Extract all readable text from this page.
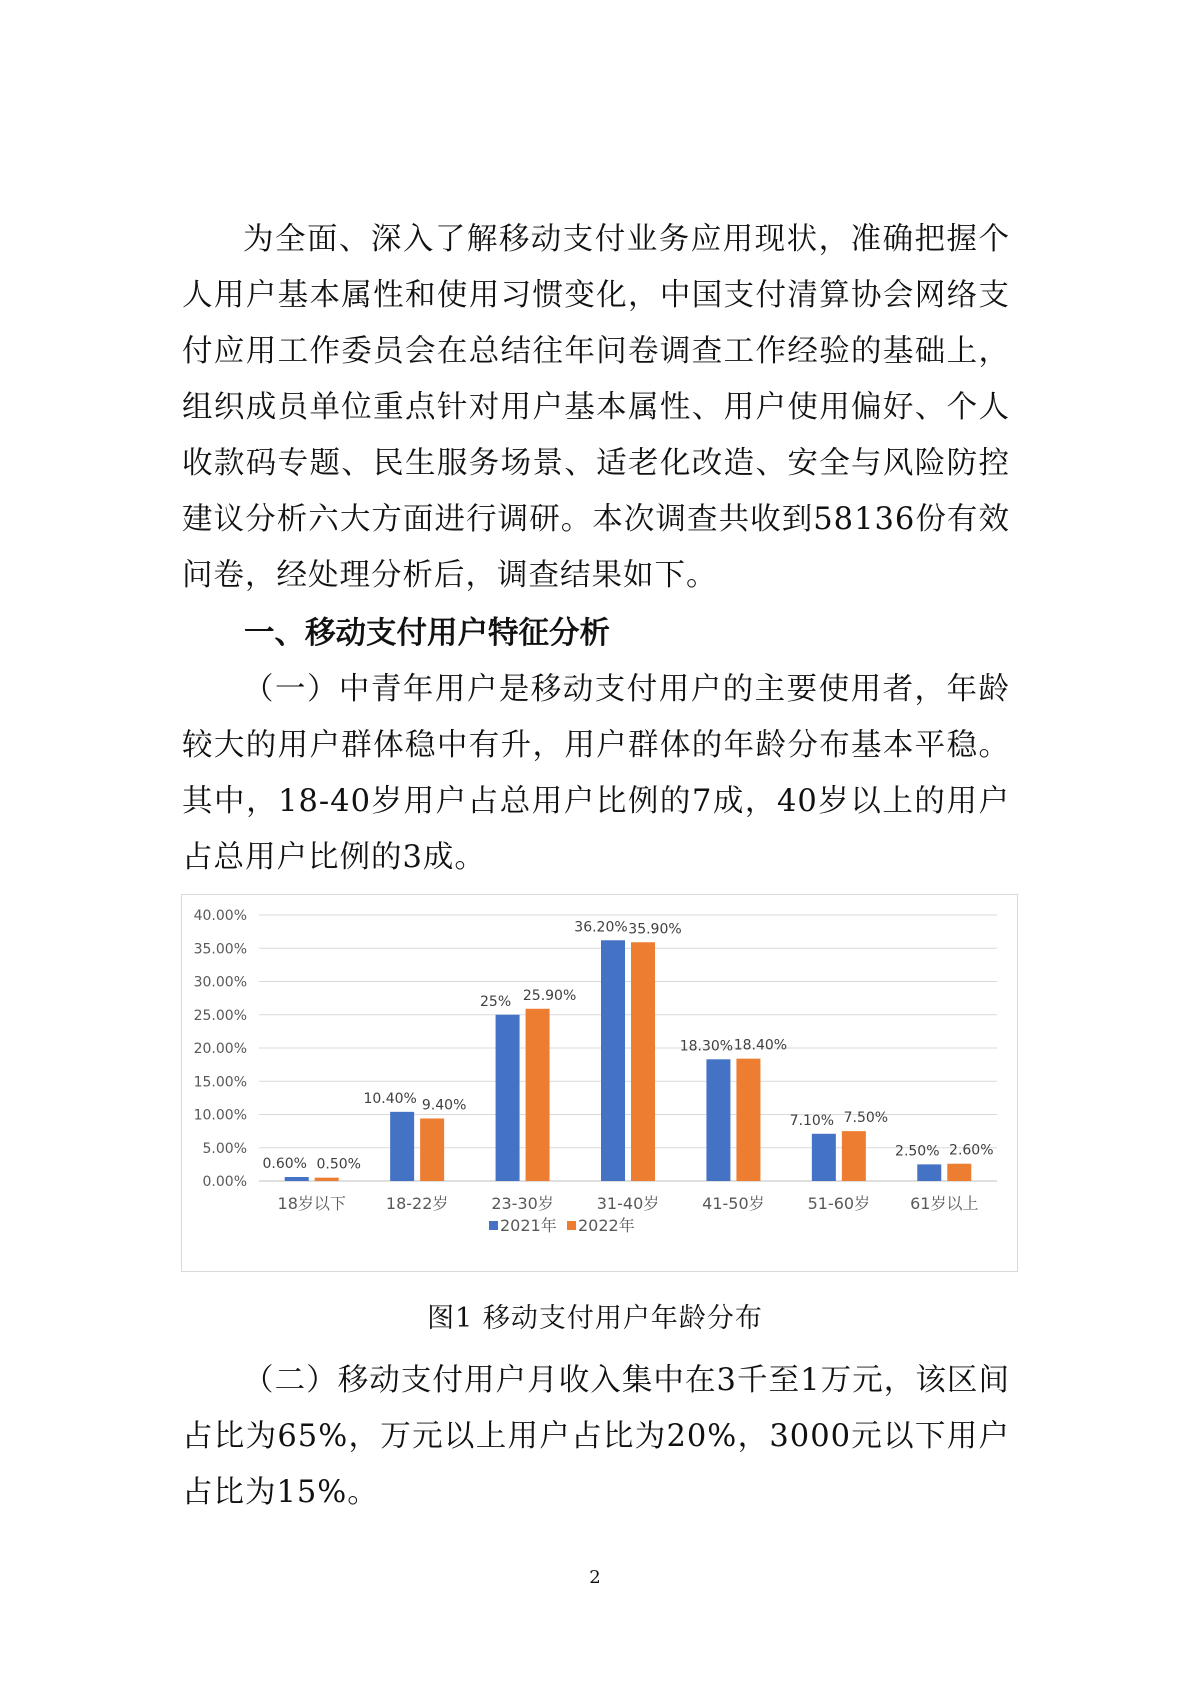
为全面、深入了解移动支付业务应用现状，准确把握个人用户基本属性和使用习惯变化，中国支付清算协会网络支付应用工作委员会在总结往年问卷调查工作经验的基础上，组织成员单位重点针对用户基本属性、用户使用偏好、个人收款码专题、民生服务场景、适老化改造、安全与风险防控建议分析六大方面进行调研。本次调查共收到58136份有效问卷，经处理分析后，调查结果如下。

一、移动支付用户特征分析

（一）中青年用户是移动支付用户的主要使用者，年龄较大的用户群体稳中有升，用户群体的年龄分布基本平稳。其中，18-40岁用户占总用户比例的7成，40岁以上的用户占总用户比例的3成。

0.00%
5.00%
10.00%
15.00%
20.00%
25.00%
30.00%
35.00%
40.00%
18岁以下
0.60% 0.50%
18-22岁
10.40% 9.40%
23-30岁
25% 25.90%
31-40岁
36.20% 35.90%
41-50岁
18.30% 18.40%
51-60岁
7.10% 7.50%
61岁以上
2.50% 2.60%
2021年 2022年

图1 移动支付用户年龄分布

（二）移动支付用户月收入集中在3千至1万元，该区间占比为65%，万元以上用户占比为20%，3000元以下用户占比为15%。

2
